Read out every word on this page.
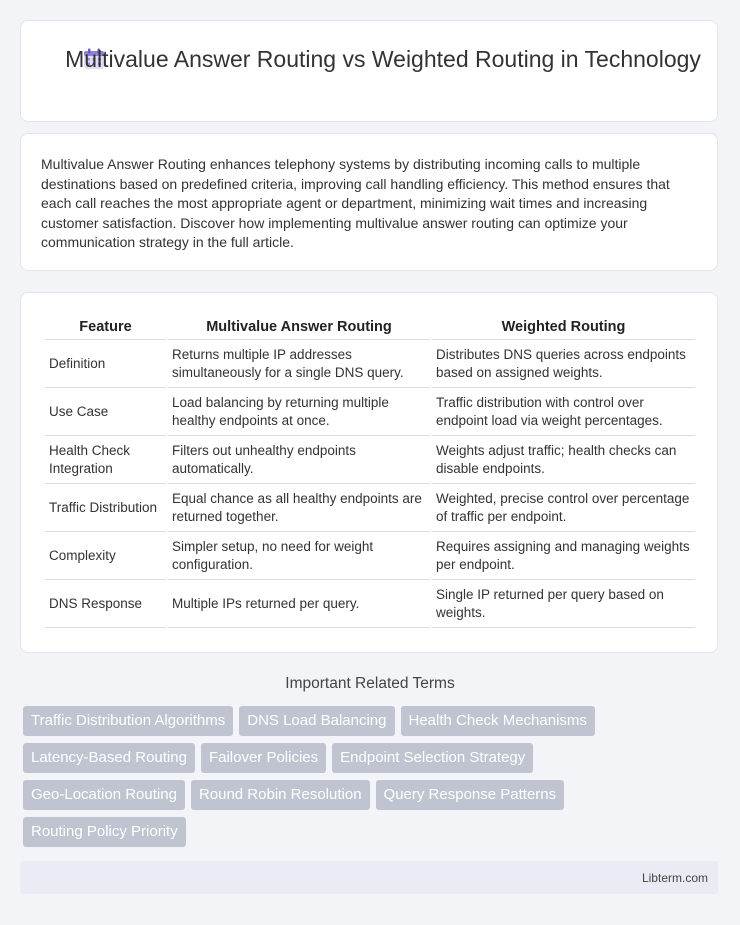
Multivalue Answer Routing vs Weighted Routing in Technology

Multivalue Answer Routing enhances telephony systems by distributing incoming calls to multiple destinations based on predefined criteria, improving call handling efficiency. This method ensures that each call reaches the most appropriate agent or department, minimizing wait times and increasing customer satisfaction. Discover how implementing multivalue answer routing can optimize your communication strategy in the full article.

Feature	Multivalue Answer Routing	Weighted Routing
Definition	Returns multiple IP addresses simultaneously for a single DNS query.	Distributes DNS queries across endpoints based on assigned weights.
Use Case	Load balancing by returning multiple healthy endpoints at once.	Traffic distribution with control over endpoint load via weight percentages.
Health Check Integration	Filters out unhealthy endpoints automatically.	Weights adjust traffic; health checks can disable endpoints.
Traffic Distribution	Equal chance as all healthy endpoints are returned together.	Weighted, precise control over percentage of traffic per endpoint.
Complexity	Simpler setup, no need for weight configuration.	Requires assigning and managing weights per endpoint.
DNS Response	Multiple IPs returned per query.	Single IP returned per query based on weights.
Important Related Terms
Traffic Distribution Algorithms	DNS Load Balancing	Health Check Mechanisms
Latency-Based Routing	Failover Policies	Endpoint Selection Strategy
Geo-Location Routing	Round Robin Resolution	Query Response Patterns
Routing Policy Priority
Libterm.com
